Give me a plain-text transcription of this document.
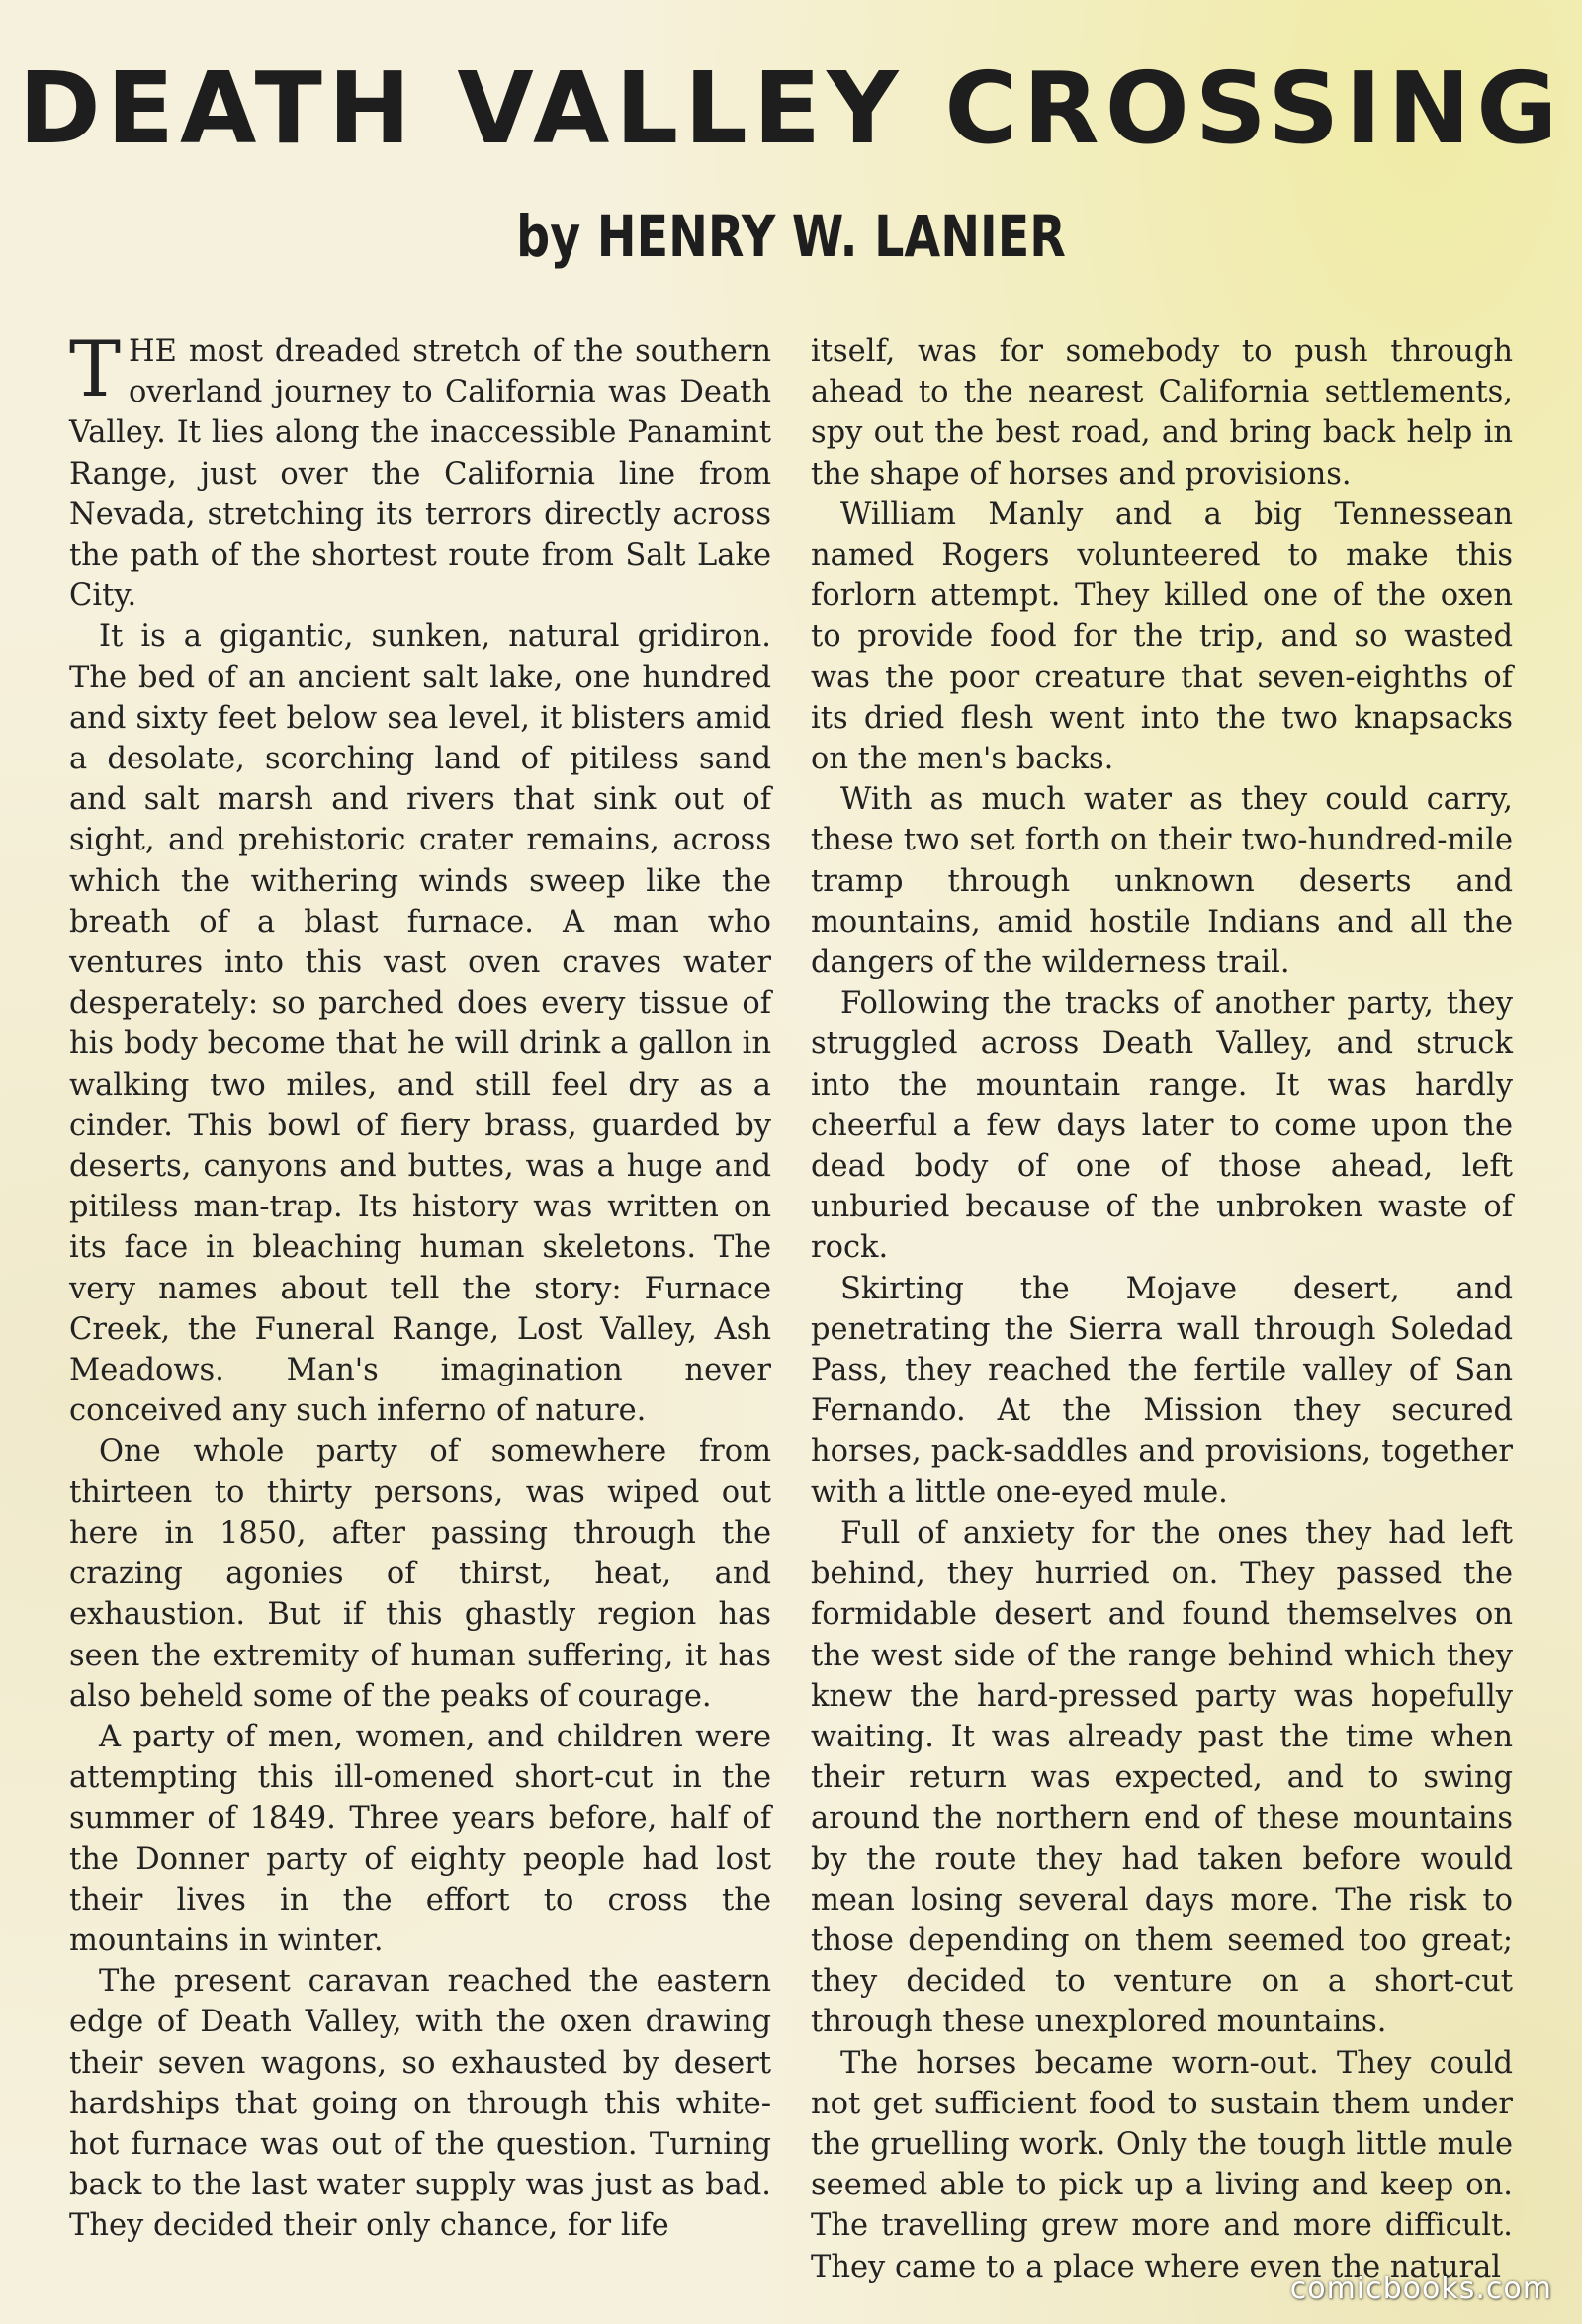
DEATH VALLEY CROSSING
by HENRY W. LANIER

THE most dreaded stretch of the southern overland journey to California was Death Valley. It lies along the inaccessible Panamint Range, just over the California line from Nevada, stretching its terrors directly across the path of the shortest route from Salt Lake City.

It is a gigantic, sunken, natural gridiron. The bed of an ancient salt lake, one hundred and sixty feet below sea level, it blisters amid a desolate, scorching land of pitiless sand and salt marsh and rivers that sink out of sight, and prehistoric crater remains, across which the withering winds sweep like the breath of a blast furnace. A man who ventures into this vast oven craves water desperately: so parched does every tissue of his body become that he will drink a gallon in walking two miles, and still feel dry as a cinder. This bowl of fiery brass, guarded by deserts, canyons and buttes, was a huge and pitiless man-trap. Its history was written on its face in bleaching human skeletons. The very names about tell the story: Furnace Creek, the Funeral Range, Lost Valley, Ash Meadows. Man's imagination never conceived any such inferno of nature.

One whole party of somewhere from thirteen to thirty persons, was wiped out here in 1850, after passing through the crazing agonies of thirst, heat, and exhaustion. But if this ghastly region has seen the extremity of human suffering, it has also beheld some of the peaks of courage.

A party of men, women, and children were attempting this ill-omened short-cut in the summer of 1849. Three years before, half of the Donner party of eighty people had lost their lives in the effort to cross the mountains in winter.

The present caravan reached the eastern edge of Death Valley, with the oxen drawing their seven wagons, so exhausted by desert hardships that going on through this white-hot furnace was out of the question. Turning back to the last water supply was just as bad. They decided their only chance, for life

itself, was for somebody to push through ahead to the nearest California settlements, spy out the best road, and bring back help in the shape of horses and provisions.

William Manly and a big Tennessean named Rogers volunteered to make this forlorn attempt. They killed one of the oxen to provide food for the trip, and so wasted was the poor creature that seven-eighths of its dried flesh went into the two knapsacks on the men's backs.

With as much water as they could carry, these two set forth on their two-hundred-mile tramp through unknown deserts and mountains, amid hostile Indians and all the dangers of the wilderness trail.

Following the tracks of another party, they struggled across Death Valley, and struck into the mountain range. It was hardly cheerful a few days later to come upon the dead body of one of those ahead, left unburied because of the unbroken waste of rock.

Skirting the Mojave desert, and penetrating the Sierra wall through Soledad Pass, they reached the fertile valley of San Fernando. At the Mission they secured horses, pack-saddles and provisions, together with a little one-eyed mule.

Full of anxiety for the ones they had left behind, they hurried on. They passed the formidable desert and found themselves on the west side of the range behind which they knew the hard-pressed party was hopefully waiting. It was already past the time when their return was expected, and to swing around the northern end of these mountains by the route they had taken before would mean losing several days more. The risk to those depending on them seemed too great; they decided to venture on a short-cut through these unexplored mountains.

The horses became worn-out. They could not get sufficient food to sustain them under the gruelling work. Only the tough little mule seemed able to pick up a living and keep on. The travelling grew more and more difficult. They came to a place where even the natural

comicbooks.com
